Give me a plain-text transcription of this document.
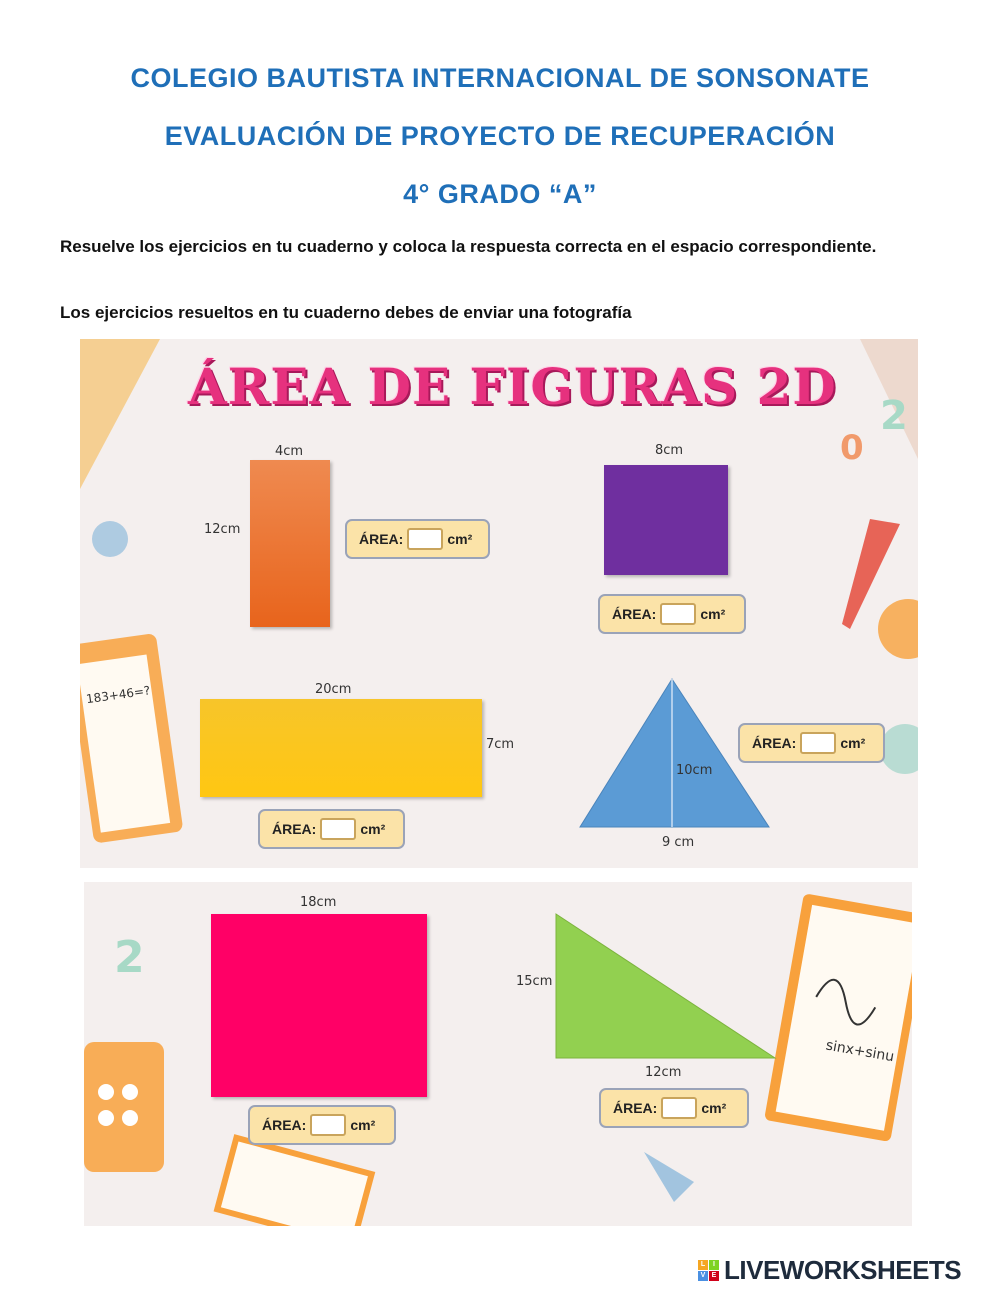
COLEGIO BAUTISTA INTERNACIONAL DE SONSONATE
EVALUACIÓN DE PROYECTO DE RECUPERACIÓN
4° GRADO “A”
Resuelve los ejercicios en tu cuaderno y coloca la respuesta correcta en el espacio correspondiente.
Los ejercicios resueltos en tu cuaderno debes de enviar una fotografía
183+46=?
2
0
ÁREA DE FIGURAS 2D
4cm
12cm
ÁREA:	cm²
8cm
ÁREA:	cm²
20cm
7cm
ÁREA:	cm²
10cm
9 cm
ÁREA:	cm²
2
sinx+sinu
18cm
ÁREA:	cm²
15cm
12cm
ÁREA:	cm²
L	I
V E LIVEWORKSHEETS
